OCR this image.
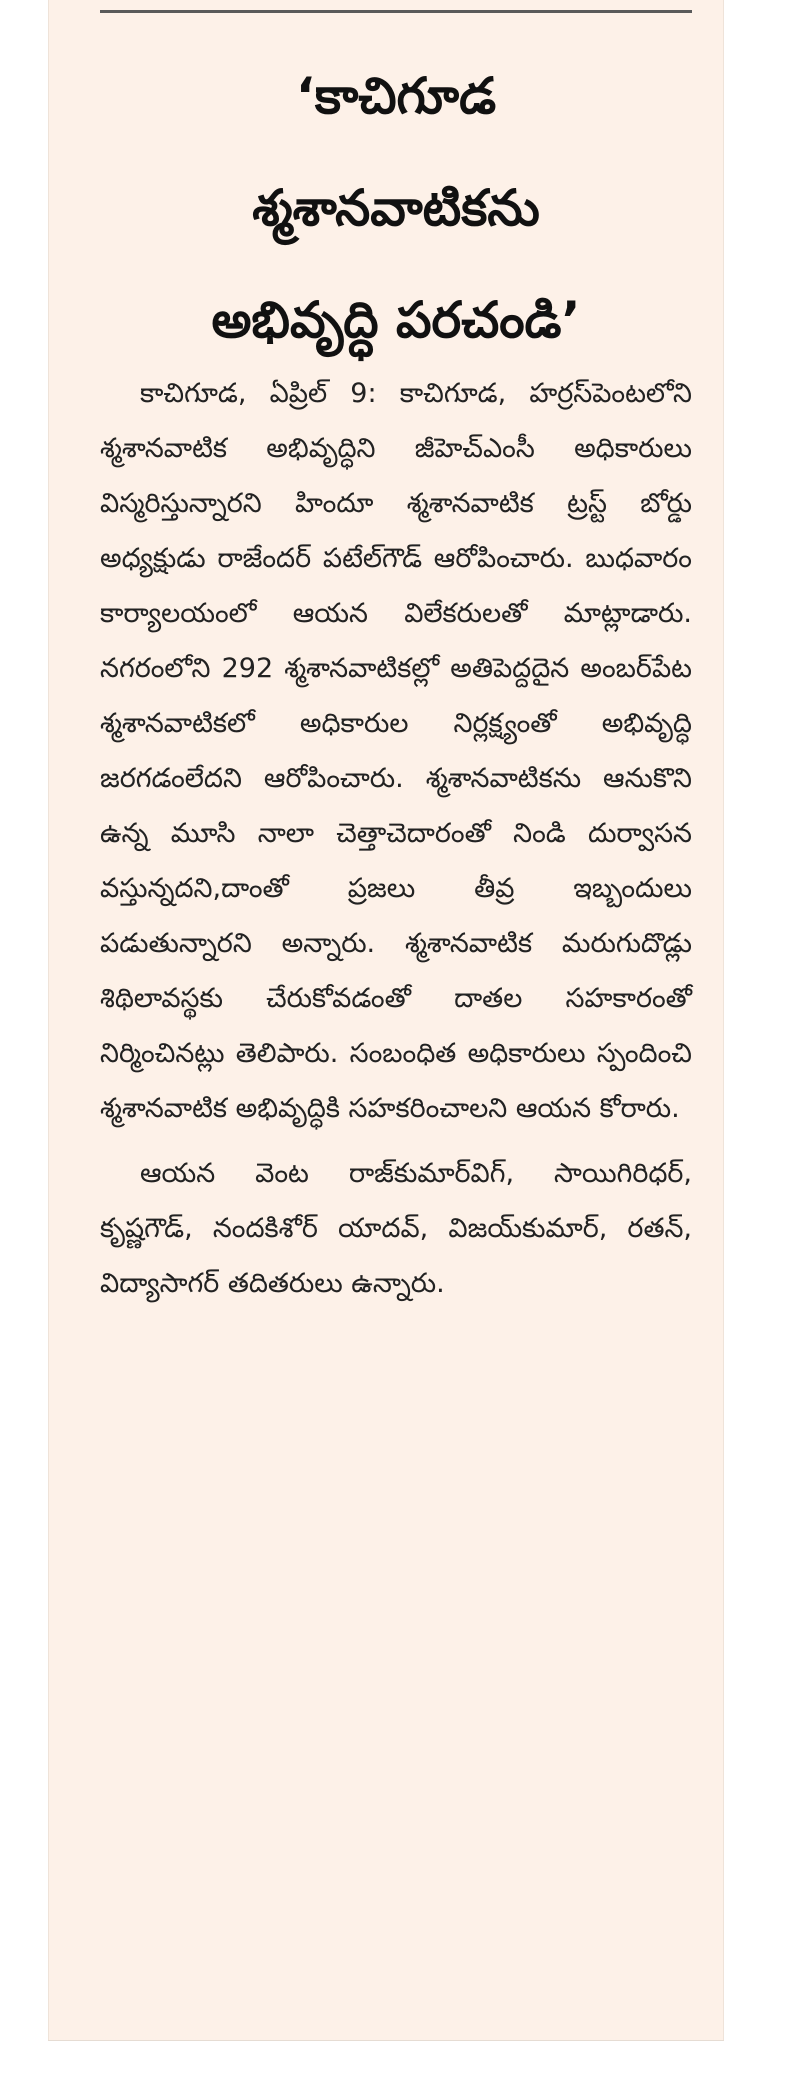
‘కాచిగూడ
శ్మశానవాటికను
అభివృద్ధి పరచండి’

కాచిగూడ, ఏప్రిల్ 9: కాచిగూడ, హర్రస్‌పెంటలోని శ్మశానవాటిక అభివృద్ధిని జీహెచ్‌ఎంసీ అధికారులు విస్మరిస్తున్నారని హిందూ శ్మశానవాటిక ట్రస్ట్ బోర్డు అధ్యక్షుడు రాజేందర్ పటేల్‌గౌడ్ ఆరోపించారు. బుధవారం కార్యాలయంలో ఆయన విలేకరులతో మాట్లాడారు. నగరంలోని 292 శ్మశానవాటికల్లో అతిపెద్దదైన అంబర్‌పేట శ్మశానవాటికలో అధికారుల నిర్లక్ష్యంతో అభివృద్ధి జరగడంలేదని ఆరోపించారు. శ్మశానవాటికను ఆనుకొని ఉన్న మూసి నాలా చెత్తాచెదారంతో నిండి దుర్వాసన వస్తున్నదని,దాంతో ప్రజలు తీవ్ర ఇబ్బందులు పడుతున్నారని అన్నారు. శ్మశానవాటిక మరుగుదొడ్లు శిథిలావస్థకు చేరుకోవడంతో దాతల సహకారంతో నిర్మించినట్లు తెలిపారు. సంబంధిత అధికారులు స్పందించి శ్మశానవాటిక అభివృద్ధికి సహకరించాలని ఆయన కోరారు.

ఆయన వెంట రాజ్‌కుమార్‌విగ్, సాయిగిరిధర్, కృష్ణగౌడ్, నందకిశోర్ యాదవ్, విజయ్‌కుమార్, రతన్, విద్యాసాగర్ తదితరులు ఉన్నారు.
